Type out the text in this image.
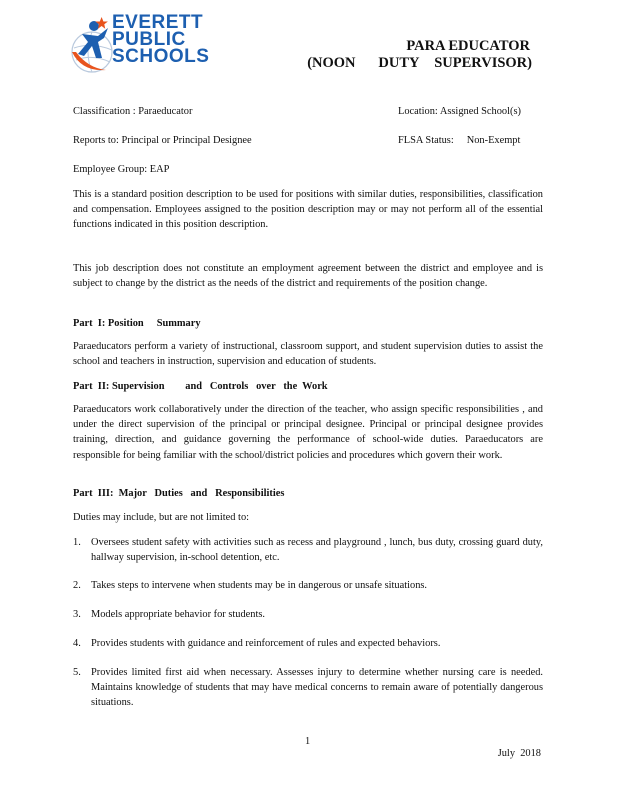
EVERETT
PUBLIC
SCHOOLS	PARA EDUCATOR
(NOON   DUTY  SUPERVISOR)
Classification : Paraeducator	Location: Assigned School(s)
Reports to: Principal or Principal Designee	FLSA Status:     Non-Exempt
Employee Group: EAP
This is a standard position description to be used for positions with similar duties, responsibilities, classification and compensation. Employees assigned to the position description may or may not perform all of the essential functions indicated in this position description.
This job description does not constitute an employment agreement between the district and employee and is subject to change by the district as the needs of the district and requirements of the position change.
Part  I: Position     Summary
Paraeducators perform a variety of instructional, classroom support, and student supervision duties to assist the school and teachers in instruction, supervision and education of students.
Part  II: Supervision        and   Controls   over   the  Work
Paraeducators work collaboratively under the direction of the teacher, who assign specific responsibilities , and under the direct supervision of the principal or principal designee. Principal or principal designee provides training, direction, and guidance governing the performance of school-wide duties. Paraeducators are responsible for being familiar with the school/district policies and procedures which govern their work.
Part  III:  Major   Duties   and   Responsibilities
Duties may include, but are not limited to:
1. Oversees student safety with activities such as recess and playground , lunch, bus duty, crossing guard duty, hallway supervision, in-school detention, etc.
2. Takes steps to intervene when students may be in dangerous or unsafe situations.
3. Models appropriate behavior for students.
4. Provides students with guidance and reinforcement of rules and expected behaviors.
5. Provides limited first aid when necessary. Assesses injury to determine whether nursing care is needed. Maintains knowledge of students that may have medical concerns to remain aware of potentially dangerous situations.
1
July  2018
